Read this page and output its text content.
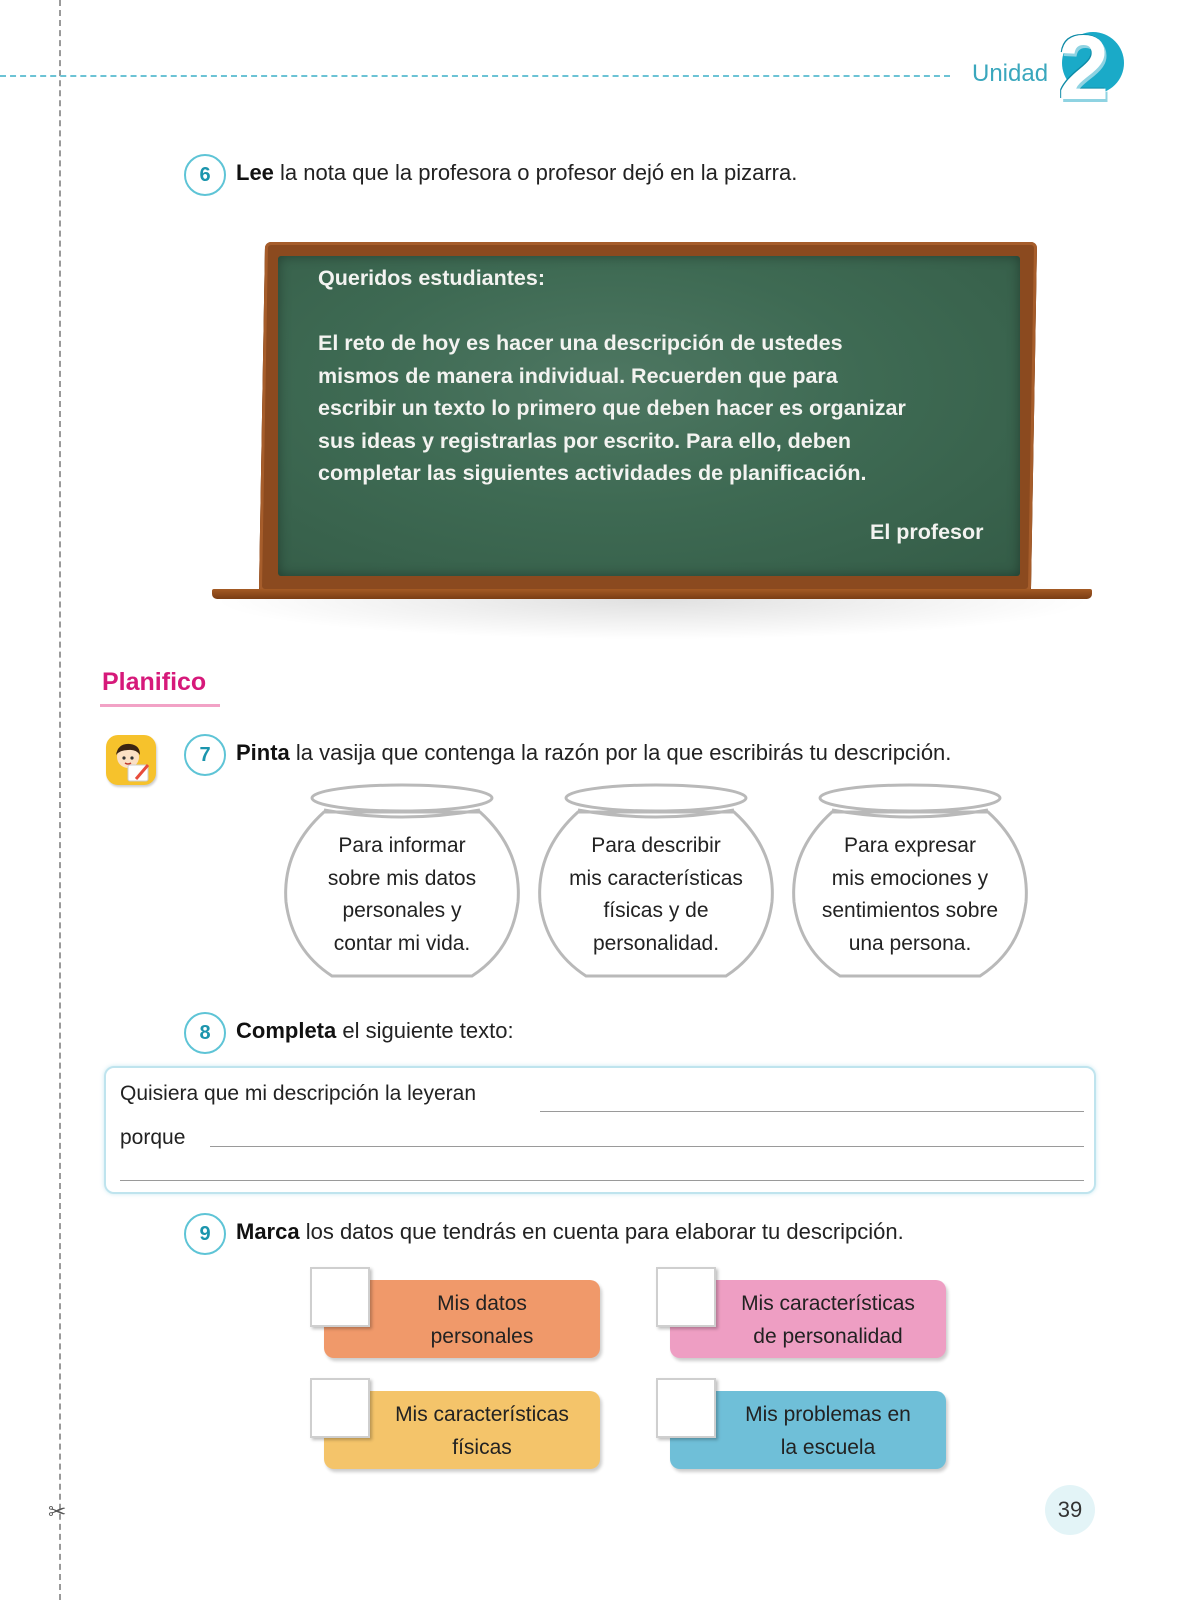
✂
Unidad 2
6	Lee la nota que la profesora o profesor dejó en la pizarra.

Queridos estudiantes:

El reto de hoy es hacer una descripción de ustedes

mismos de manera individual. Recuerden que para

escribir un texto lo primero que deben hacer es organizar

sus ideas y registrarlas por escrito. Para ello, deben

completar las siguientes actividades de planificación.

El profesor
Planifico
7	Pinta la vasija que contenga la razón por la que escribirás tu descripción.
Para informar
sobre mis datos
personales y
contar mi vida.
Para describir
mis características
físicas y de
personalidad.
Para expresar
mis emociones y
sentimientos sobre
una persona.
8	Completa el siguiente texto:
Quisiera que mi descripción la leyeran
porque
9	Marca los datos que tendrás en cuenta para elaborar tu descripción.
Mis datos
personales
Mis características
de personalidad
Mis características
físicas
Mis problemas en
la escuela
39
